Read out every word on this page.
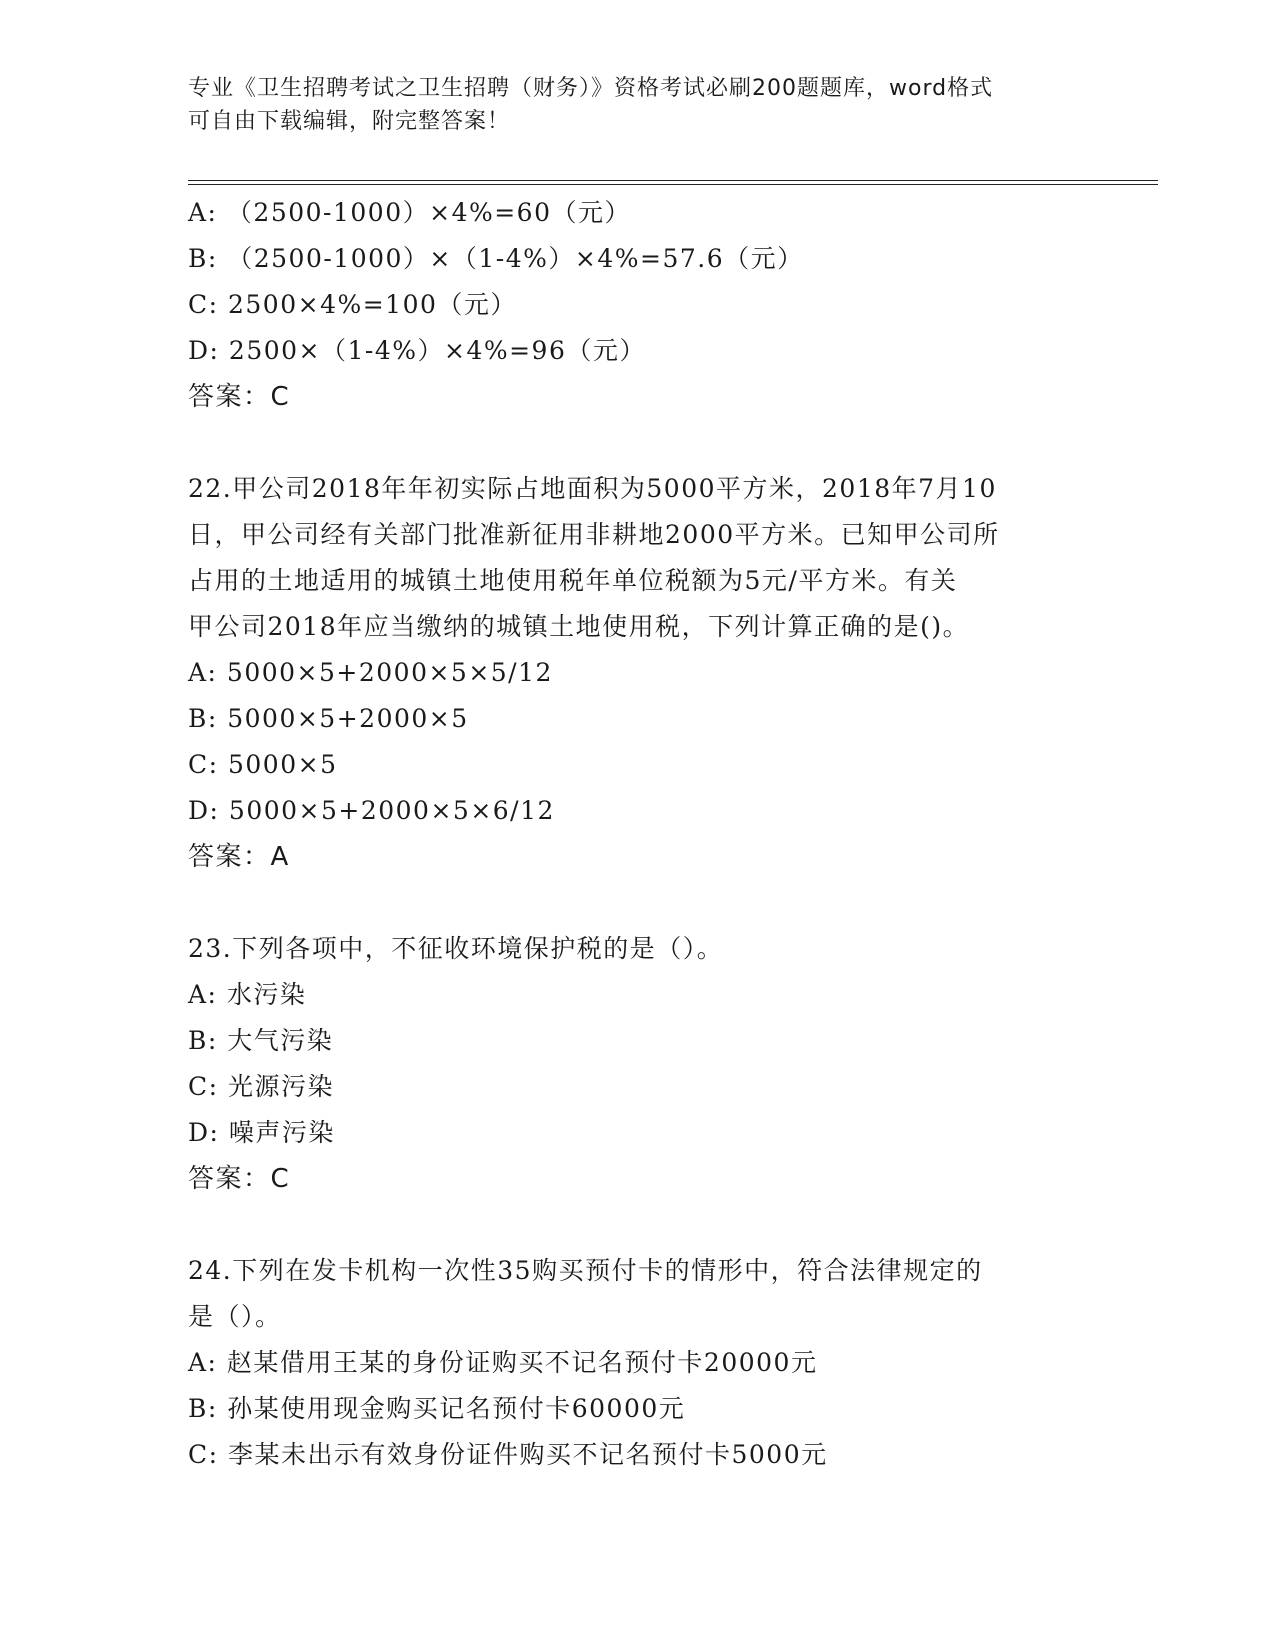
专业《卫生招聘考试之卫生招聘（财务）》资格考试必刷200题题库，word格式
可自由下载编辑，附完整答案！
A: （2500-1000）×4%=60（元）
B: （2500-1000）×（1-4%）×4%=57.6（元）
C: 2500×4%=100（元）
D: 2500×（1-4%）×4%=96（元）
答案：C
22.甲公司2018年年初实际占地面积为5000平方米，2018年7月10
日，甲公司经有关部门批准新征用非耕地2000平方米。已知甲公司所
占用的土地适用的城镇土地使用税年单位税额为5元/平方米。有关
甲公司2018年应当缴纳的城镇土地使用税，下列计算正确的是()。
A: 5000×5+2000×5×5/12
B: 5000×5+2000×5
C: 5000×5
D: 5000×5+2000×5×6/12
答案：A
23.下列各项中，不征收环境保护税的是（）。
A: 水污染
B: 大气污染
C: 光源污染
D: 噪声污染
答案：C
24.下列在发卡机构一次性35购买预付卡的情形中，符合法律规定的
是（）。
A: 赵某借用王某的身份证购买不记名预付卡20000元
B: 孙某使用现金购买记名预付卡60000元
C: 李某未出示有效身份证件购买不记名预付卡5000元
